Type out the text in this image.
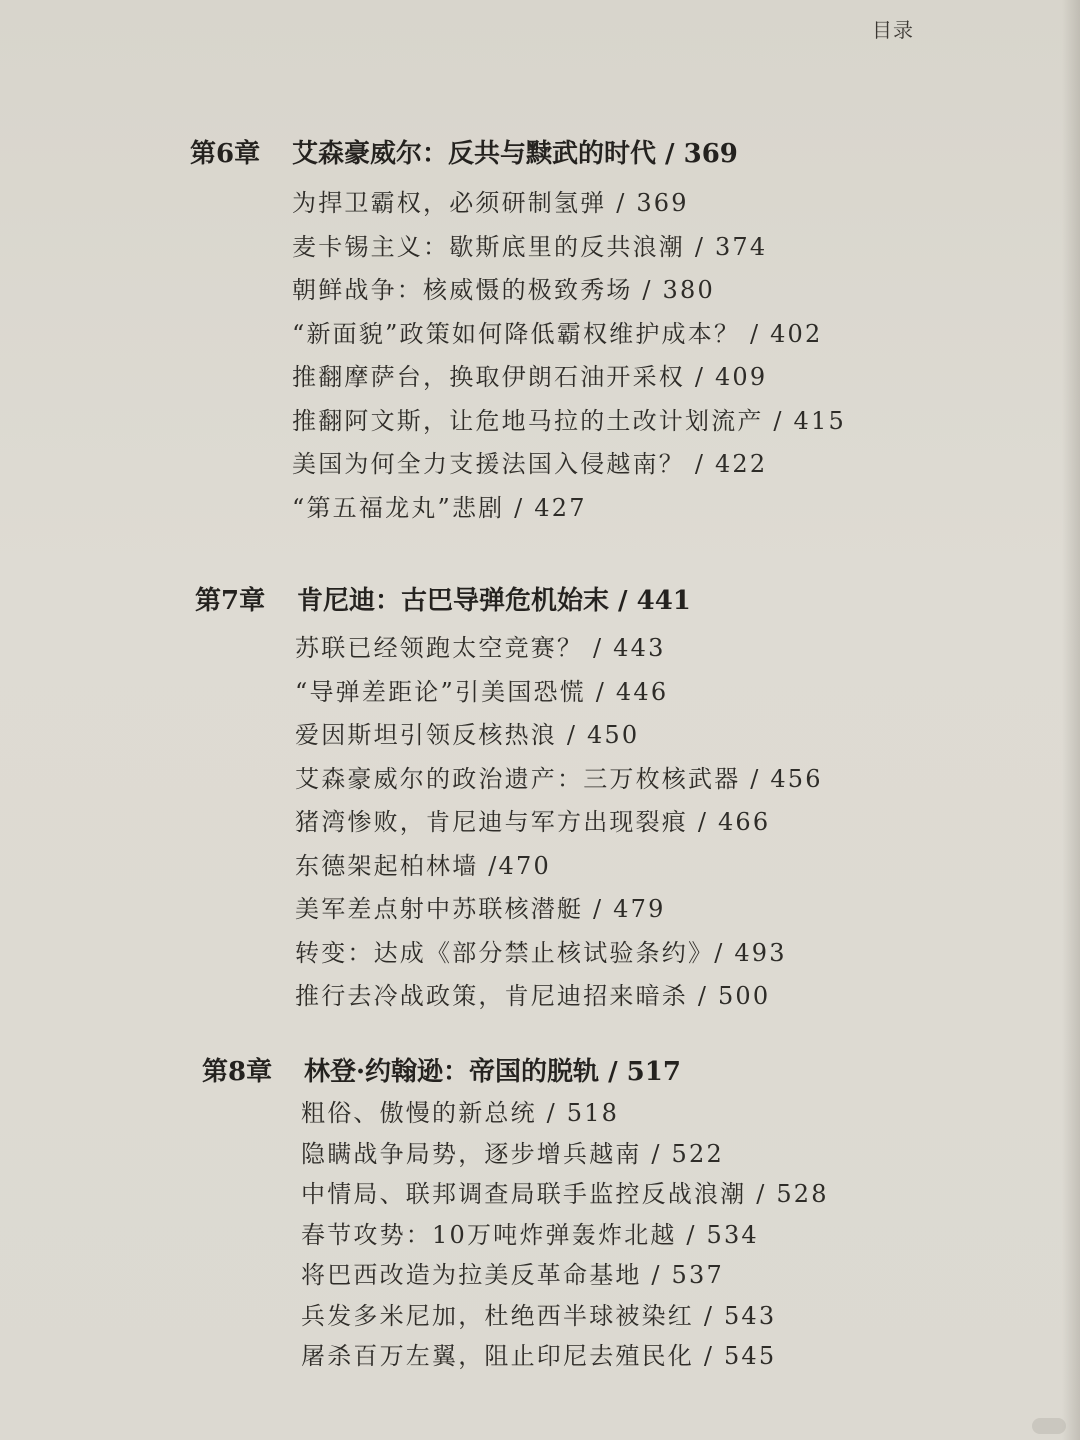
目录
第6章	艾森豪威尔：反共与黩武的时代 / 369
为捍卫霸权，必须研制氢弹 / 369
麦卡锡主义：歇斯底里的反共浪潮 / 374
朝鲜战争：核威慑的极致秀场 / 380
“新面貌”政策如何降低霸权维护成本？ / 402
推翻摩萨台，换取伊朗石油开采权 / 409
推翻阿文斯，让危地马拉的土改计划流产 / 415
美国为何全力支援法国入侵越南？ / 422
“第五福龙丸”悲剧 / 427
第7章	肯尼迪：古巴导弹危机始末 / 441
苏联已经领跑太空竞赛？ / 443
“导弹差距论”引美国恐慌 / 446
爱因斯坦引领反核热浪 / 450
艾森豪威尔的政治遗产：三万枚核武器 / 456
猪湾惨败，肯尼迪与军方出现裂痕 / 466
东德架起柏林墙 /470
美军差点射中苏联核潜艇 / 479
转变：达成《部分禁止核试验条约》/ 493
推行去冷战政策，肯尼迪招来暗杀 / 500
第8章	林登·约翰逊：帝国的脱轨 / 517
粗俗、傲慢的新总统 / 518
隐瞒战争局势，逐步增兵越南 / 522
中情局、联邦调查局联手监控反战浪潮 / 528
春节攻势：10万吨炸弹轰炸北越 / 534
将巴西改造为拉美反革命基地 / 537
兵发多米尼加，杜绝西半球被染红 / 543
屠杀百万左翼，阻止印尼去殖民化 / 545
